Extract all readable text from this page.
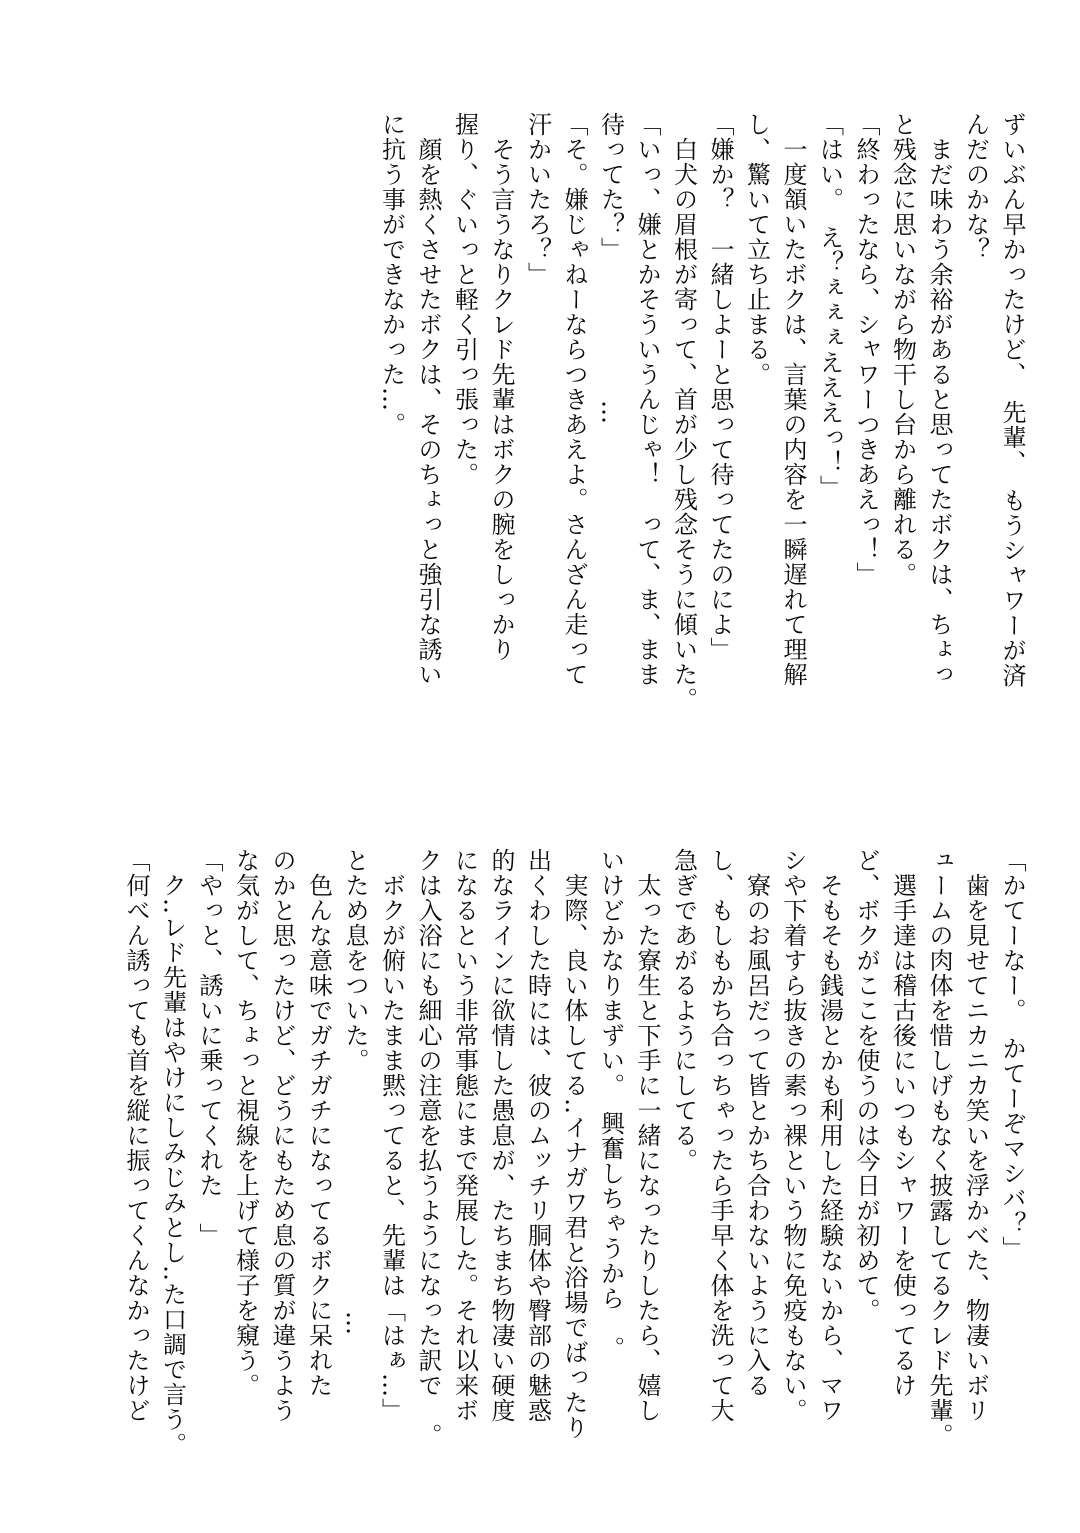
ずいぶん早かったけど、　先輩、　もうシャワーが済

んだのかな？

　まだ味わう余裕があると思ってたボクは、ちょっ

と残念に思いながら物干し台から離れる。

「終わったなら、シャワーつきあえっ！」

「はい。　え？ぇぇぇえええっ！」

　一度頷いたボクは、言葉の内容を一瞬遅れて理解

し、驚いて立ち止まる。

「嫌か？　一緒しよーと思って待ってたのによ」

　白犬の眉根が寄って、首が少し残念そうに傾いた。

「いっ、嫌とかそういうんじゃ！　って、ま、まま

待ってた？」　　　　　　…

「そ。嫌じゃねーならつきあえよ。さんざん走って

汗かいたろ？」

　そう言うなりクレド先輩はボクの腕をしっかり

握り、ぐいっと軽く引っ張った。

　顔を熱くさせたボクは、そのちょっと強引な誘い

に抗う事ができなかった…。

「かてーなー。　かてーぞマシバ？」

　歯を見せてニカニカ笑いを浮かべた、物凄いボリ

ュームの肉体を惜しげもなく披露してるクレド先輩。

　選手達は稽古後にいつもシャワーを使ってるけ

ど、ボクがここを使うのは今日が初めて。

　そもそも銭湯とかも利用した経験ないから、マワ

シや下着すら抜きの素っ裸という物に免疫もない。

　寮のお風呂だって皆とかち合わないように入る

し、もしもかち合っちゃったら手早く体を洗って大

急ぎであがるようにしてる。

　太った寮生と下手に一緒になったりしたら、嬉し

いけどかなりまずい。　興奮しちゃうから　。

　実際、良い体してる‥イナガワ君と浴場でばったり

出くわした時には、彼のムッチリ胴体や臀部の魅惑

的なラインに欲情した愚息が、たちまち物凄い硬度

になるという非常事態にまで発展した。それ以来ボ

クは入浴にも細心の注意を払うようになった訳で　。

　ボクが俯いたまま黙ってると、先輩は「はぁ…」

とため息をついた。　　　　　　　　　　…

　色んな意味でガチガチになってるボクに呆れた

のかと思ったけど、どうにもため息の質が違うよう

な気がして、ちょっと視線を上げて様子を窺う。

「やっと、誘いに乗ってくれた　」

　ク‥レド先輩はやけにしみじみとし‥た口調で言う。

「何べん誘っても首を縦に振ってくんなかったけど
